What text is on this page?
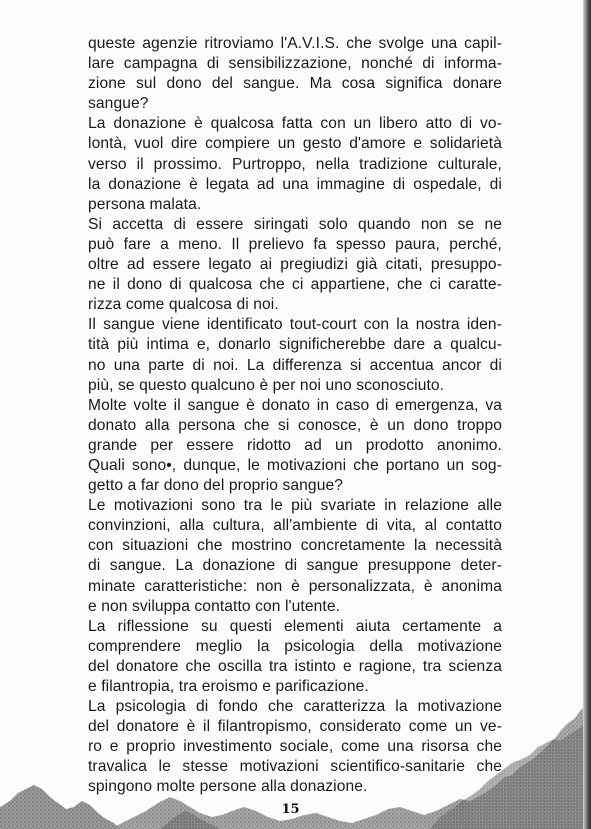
queste agenzie ritroviamo l'A.V.I.S. che svolge una capil-
lare campagna di sensibilizzazione, nonché di informa-
zione sul dono del sangue. Ma cosa significa donare
sangue?
La donazione è qualcosa fatta con un libero atto di vo-
lontà, vuol dire compiere un gesto d'amore e solidarietà
verso il prossimo. Purtroppo, nella tradizione culturale,
la donazione è legata ad una immagine di ospedale, di
persona malata.
Si accetta di essere siringati solo quando non se ne
può fare a meno. Il prelievo fa spesso paura, perché,
oltre ad essere legato ai pregiudizi già citati, presuppo-
ne il dono di qualcosa che ci appartiene, che ci caratte-
rizza come qualcosa di noi.
Il sangue viene identificato tout-court con la nostra iden-
tità più intima e, donarlo significherebbe dare a qualcu-
no una parte di noi. La differenza si accentua ancor di
più, se questo qualcuno è per noi uno sconosciuto.
Molte volte il sangue è donato in caso di emergenza, va
donato alla persona che si conosce, è un dono troppo
grande per essere ridotto ad un prodotto anonimo.
Quali sono•, dunque, le motivazioni che portano un sog-
getto a far dono del proprio sangue?
Le motivazioni sono tra le più svariate in relazione alle
convinzioni, alla cultura, all'ambiente di vita, al contatto
con situazioni che mostrino concretamente la necessità
di sangue. La donazione di sangue presuppone deter-
minate caratteristiche: non è personalizzata, è anonima
e non sviluppa contatto con l'utente.
La riflessione su questi elementi aiuta certamente a
comprendere meglio la psicologia della motivazione
del donatore che oscilla tra istinto e ragione, tra scienza
e filantropia, tra eroismo e parificazione.
La psicologia di fondo che caratterizza la motivazione
del donatore è il filantropismo, considerato come un ve-
ro e proprio investimento sociale, come una risorsa che
travalica le stesse motivazioni scientifico-sanitarie che
spingono molte persone alla donazione.
15
